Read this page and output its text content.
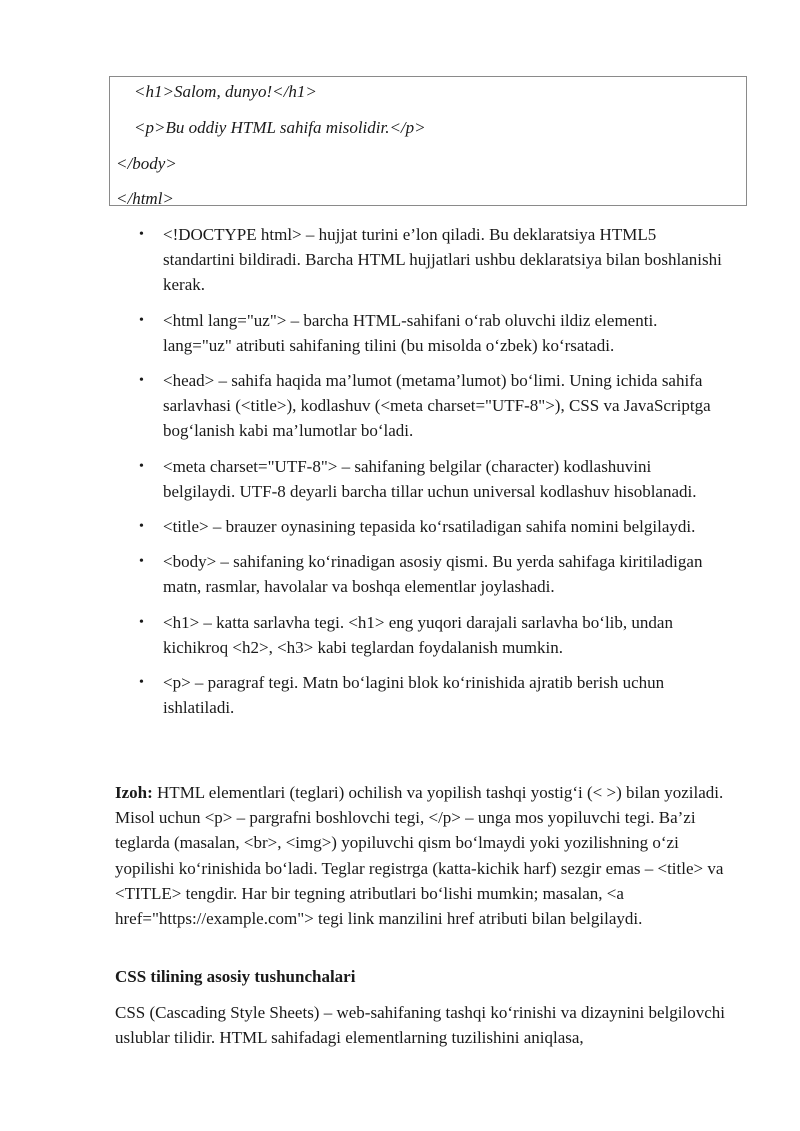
<h1>Salom, dunyo!</h1>
<p>Bu oddiy HTML sahifa misolidir.</p>
</body>
</html>
• <!DOCTYPE html> – hujjat turini e’lon qiladi. Bu deklaratsiya HTML5 standartini bildiradi. Barcha HTML hujjatlari ushbu deklaratsiya bilan boshlanishi kerak.
• <html lang="uz"> – barcha HTML-sahifani o‘rab oluvchi ildiz elementi. lang="uz" atributi sahifaning tilini (bu misolda o‘zbek) ko‘rsatadi.
• <head> – sahifa haqida ma’lumot (metama’lumot) bo‘limi. Uning ichida sahifa sarlavhasi (<title>), kodlashuv (<meta charset="UTF-8">), CSS va JavaScriptga bog‘lanish kabi ma’lumotlar bo‘ladi.
• <meta charset="UTF-8"> – sahifaning belgilar (character) kodlashuvini belgilaydi. UTF-8 deyarli barcha tillar uchun universal kodlashuv hisoblanadi.
• <title> – brauzer oynasining tepasida ko‘rsatiladigan sahifa nomini belgilaydi.
• <body> – sahifaning ko‘rinadigan asosiy qismi. Bu yerda sahifaga kiritiladigan matn, rasmlar, havolalar va boshqa elementlar joylashadi.
• <h1> – katta sarlavha tegi. <h1> eng yuqori darajali sarlavha bo‘lib, undan kichikroq <h2>, <h3> kabi teglardan foydalanish mumkin.
• <p> – paragraf tegi. Matn bo‘lagini blok ko‘rinishida ajratib berish uchun ishlatiladi.
Izoh: HTML elementlari (teglari) ochilish va yopilish tashqi yostig‘i (< >) bilan yoziladi. Misol uchun <p> – pargrafni boshlovchi tegi, </p> – unga mos yopiluvchi tegi. Ba’zi teglarda (masalan, <br>, <img>) yopiluvchi qism bo‘lmaydi yoki yozilishning o‘zi yopilishi ko‘rinishida bo‘ladi. Teglar registrga (katta-kichik harf) sezgir emas – <title> va <TITLE> tengdir. Har bir tegning atributlari bo‘lishi mumkin; masalan, <a href="https://example.com"> tegi link manzilini href atributi bilan belgilaydi.
CSS tilining asosiy tushunchalari
CSS (Cascading Style Sheets) – web-sahifaning tashqi ko‘rinishi va dizaynini belgilovchi uslublar tilidir. HTML sahifadagi elementlarning tuzilishini aniqlasa,
